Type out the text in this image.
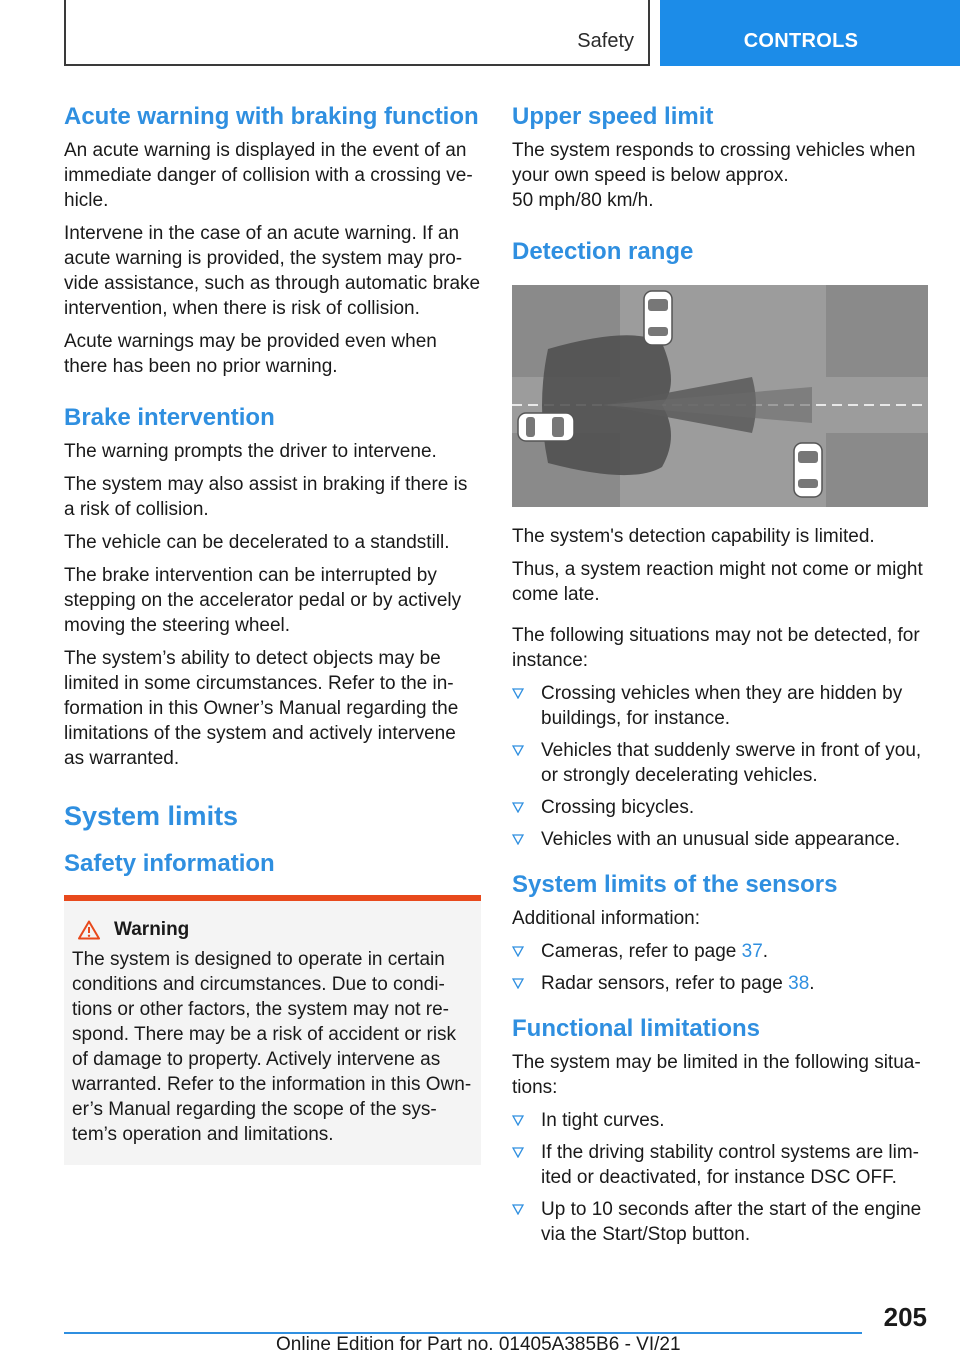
Safety	CONTROLS
Acute warning with braking function

An acute warning is displayed in the event of an immediate danger of collision with a crossing ve‐hicle.

Intervene in the case of an acute warning. If an acute warning is provided, the system may pro‐vide assistance, such as through automatic brake intervention, when there is risk of collision.

Acute warnings may be provided even when there has been no prior warning.

Brake intervention

The warning prompts the driver to intervene.

The system may also assist in braking if there is a risk of collision.

The vehicle can be decelerated to a standstill.

The brake intervention can be interrupted by stepping on the accelerator pedal or by actively moving the steering wheel.

The system’s ability to detect objects may be limited in some circumstances. Refer to the in‐formation in this Owner’s Manual regarding the limitations of the system and actively intervene as warranted.

System limits
Safety information
Warning

The system is designed to operate in certain conditions and circumstances. Due to condi‐tions or other factors, the system may not re‐spond. There may be a risk of accident or risk of damage to property. Actively intervene as warranted. Refer to the information in this Own‐er’s Manual regarding the scope of the sys‐tem’s operation and limitations.

Upper speed limit

The system responds to crossing vehicles when your own speed is below approx.

50 mph/80 km/h.

Detection range

The system's detection capability is limited.

Thus, a system reaction might not come or might come late.

The following situations may not be detected, for instance:

Crossing vehicles when they are hidden by buildings, for instance.
Vehicles that suddenly swerve in front of you, or strongly decelerating vehicles.
Crossing bicycles.
Vehicles with an unusual side appearance.
System limits of the sensors

Additional information:

Cameras, refer to page 37.
Radar sensors, refer to page 38.
Functional limitations

The system may be limited in the following situa‐tions:

In tight curves.
If the driving stability control systems are lim‐ited or deactivated, for instance DSC OFF.
Up to 10 seconds after the start of the engine via the Start/Stop button.
205
Online Edition for Part no. 01405A385B6 - VI/21
